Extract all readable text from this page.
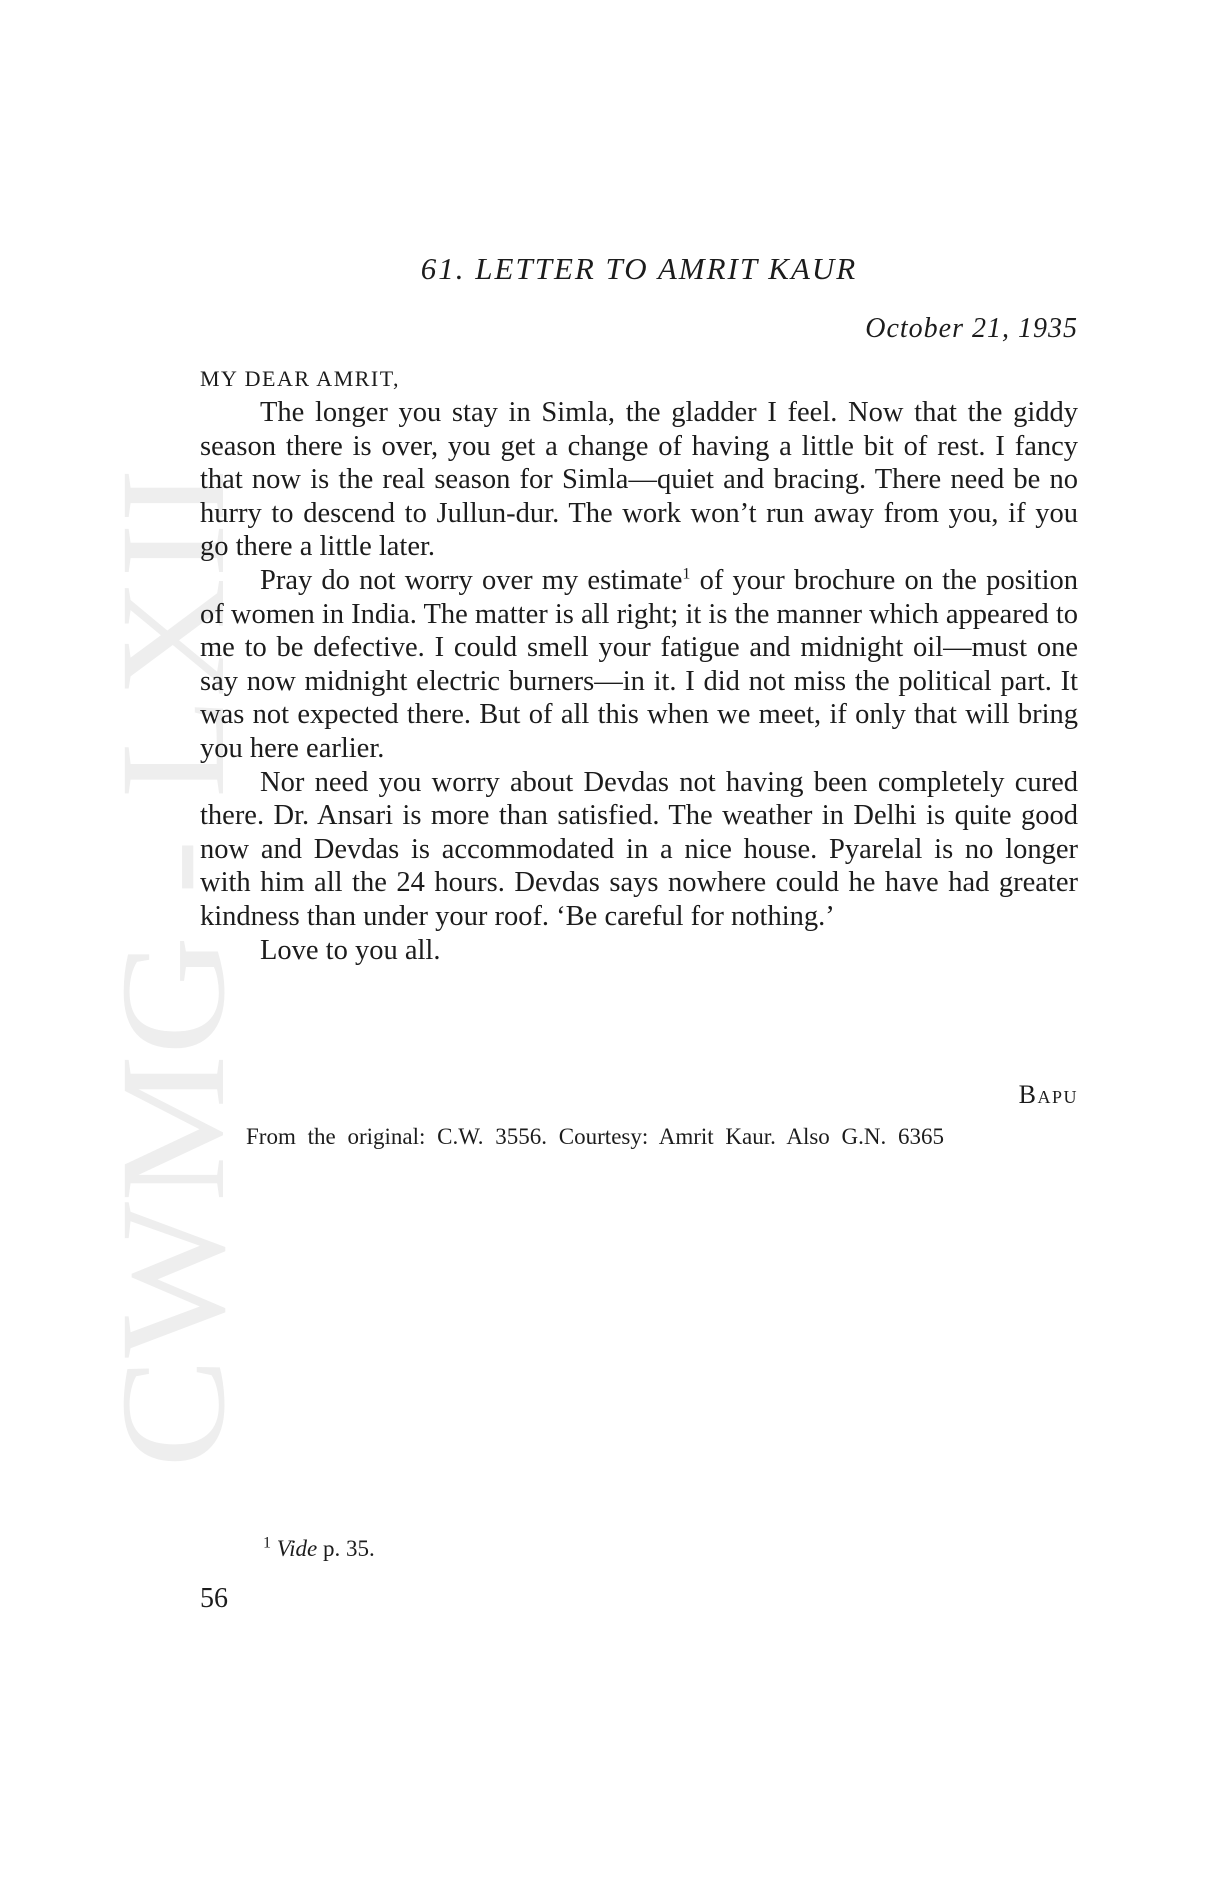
CWMG LXII
61. LETTER TO AMRIT KAUR
October 21, 1935
MY DEAR AMRIT,

The longer you stay in Simla, the gladder I feel. Now that the giddy season there is over, you get a change of having a little bit of rest. I fancy that now is the real season for Simla—quiet and bracing. There need be no hurry to descend to Jullun-dur. The work won’t run away from you, if you go there a little later.

Pray do not worry over my estimate$^1$ of your brochure on the position of women in India. The matter is all right; it is the manner which appeared to me to be defective. I could smell your fatigue and midnight oil—must one say now midnight electric burners—in it. I did not miss the political part. It was not expected there. But of all this when we meet, if only that will bring you here earlier.

Nor need you worry about Devdas not having been completely cured there. Dr. Ansari is more than satisfied. The weather in Delhi is quite good now and Devdas is accommodated in a nice house. Pyarelal is no longer with him all the 24 hours. Devdas says nowhere could he have had greater kindness than under your roof. ‘Be careful for nothing.’

Love to you all.

Bapu
From the original: C.W. 3556. Courtesy: Amrit Kaur. Also G.N. 6365
$^1$ Vide p. 35.
56
